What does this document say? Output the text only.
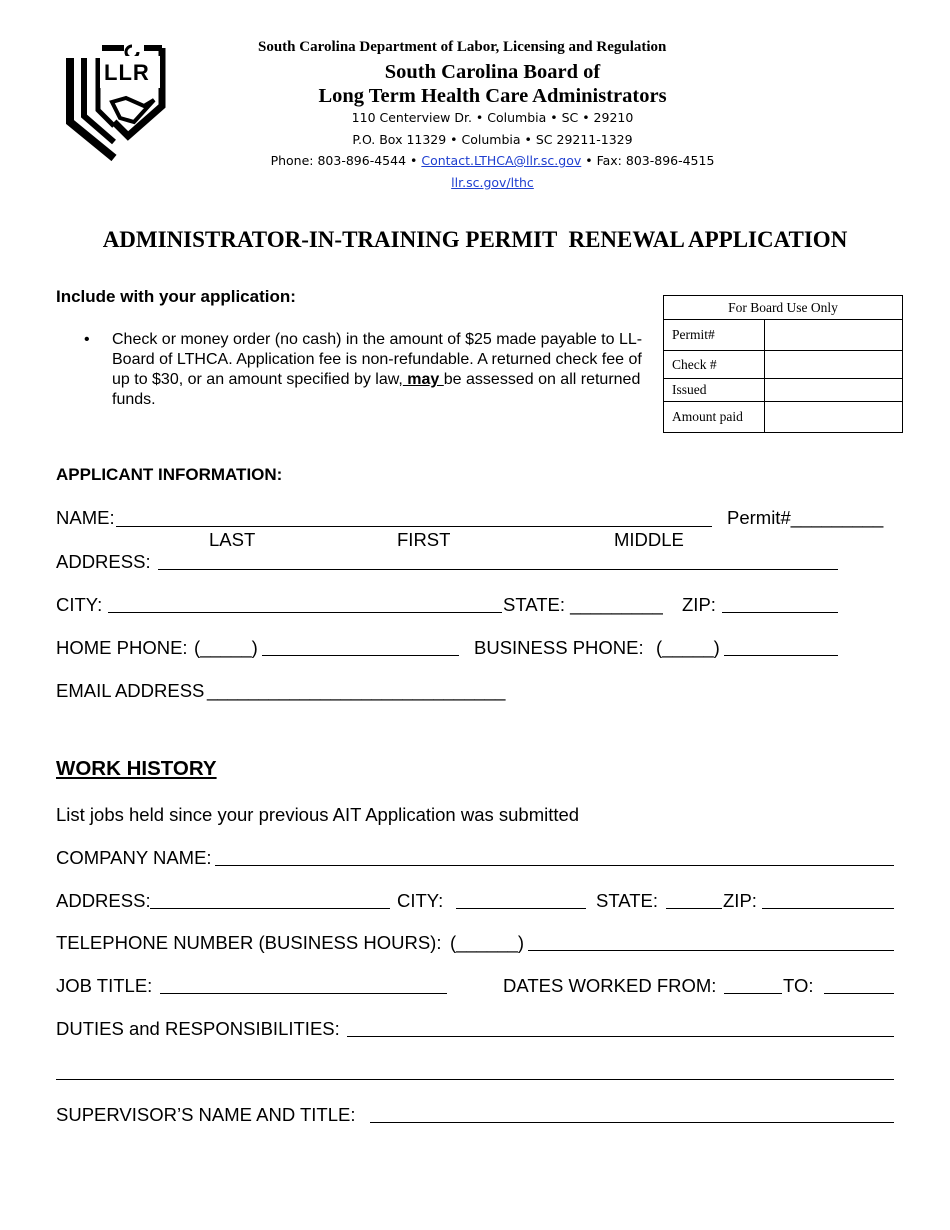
LLR
South Carolina Department of Labor, Licensing and Regulation
South Carolina Board of
Long Term Health Care Administrators
110 Centerview Dr. • Columbia • SC • 29210
P.O. Box 11329 • Columbia • SC 29211-1329
Phone: 803-896-4544 • Contact.LTHCA@llr.sc.gov • Fax: 803-896-4515
llr.sc.gov/lthc
ADMINISTRATOR-IN-TRAINING PERMIT  RENEWAL APPLICATION
Include with your application:
• Check or money order (no cash) in the amount of $25 made payable to LL-Board of LTHCA. Application fee is non-refundable. A returned check fee of up to $30, or an amount specified by law, may be assessed on all returned funds.
For Board Use Only	
Permit#	
Check #	
Issued	
Amount paid	
APPLICANT INFORMATION:
NAME:	Permit#_________
LAST	FIRST	MIDDLE
ADDRESS:
CITY:	STATE: _________ ZIP:
HOME PHONE: (_____)	BUSINESS PHONE: (_____)
EMAIL ADDRESS _____________________________
WORK HISTORY
List jobs held since your previous AIT Application was submitted
COMPANY NAME:
ADDRESS:	CITY:	STATE:	ZIP:
TELEPHONE NUMBER (BUSINESS HOURS): (______)
JOB TITLE:	DATES WORKED FROM:	TO:
DUTIES and RESPONSIBILITIES:
SUPERVISOR’S NAME AND TITLE:
